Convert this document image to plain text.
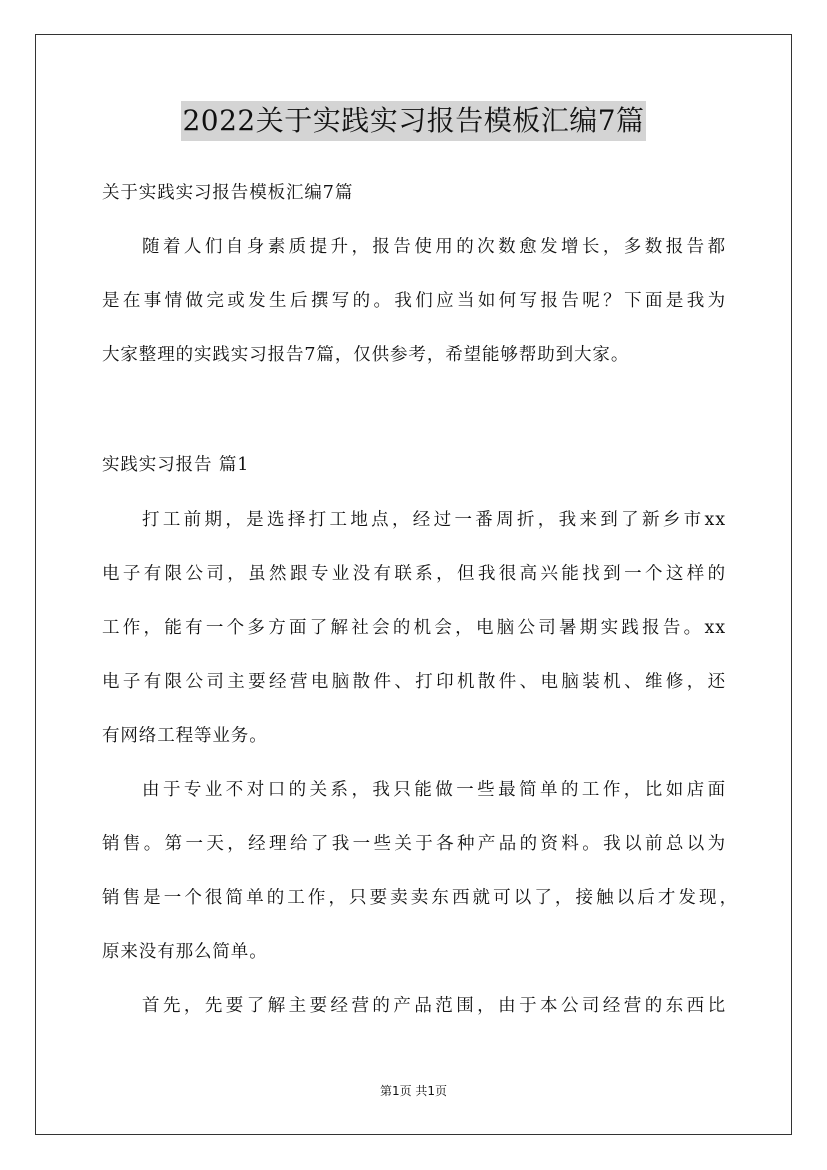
2022关于实践实习报告模板汇编7篇
关于实践实习报告模板汇编7篇
随着人们自身素质提升，报告使用的次数愈发增长，多数报告都
是在事情做完或发生后撰写的。我们应当如何写报告呢？下面是我为
大家整理的实践实习报告7篇，仅供参考，希望能够帮助到大家。
实践实习报告 篇1
打工前期，是选择打工地点，经过一番周折，我来到了新乡市xx
电子有限公司，虽然跟专业没有联系，但我很高兴能找到一个这样的
工作，能有一个多方面了解社会的机会，电脑公司暑期实践报告。xx
电子有限公司主要经营电脑散件、打印机散件、电脑装机、维修，还
有网络工程等业务。
由于专业不对口的关系，我只能做一些最简单的工作，比如店面
销售。第一天，经理给了我一些关于各种产品的资料。我以前总以为
销售是一个很简单的工作，只要卖卖东西就可以了，接触以后才发现，
原来没有那么简单。
首先，先要了解主要经营的产品范围，由于本公司经营的东西比
第1页 共1页
